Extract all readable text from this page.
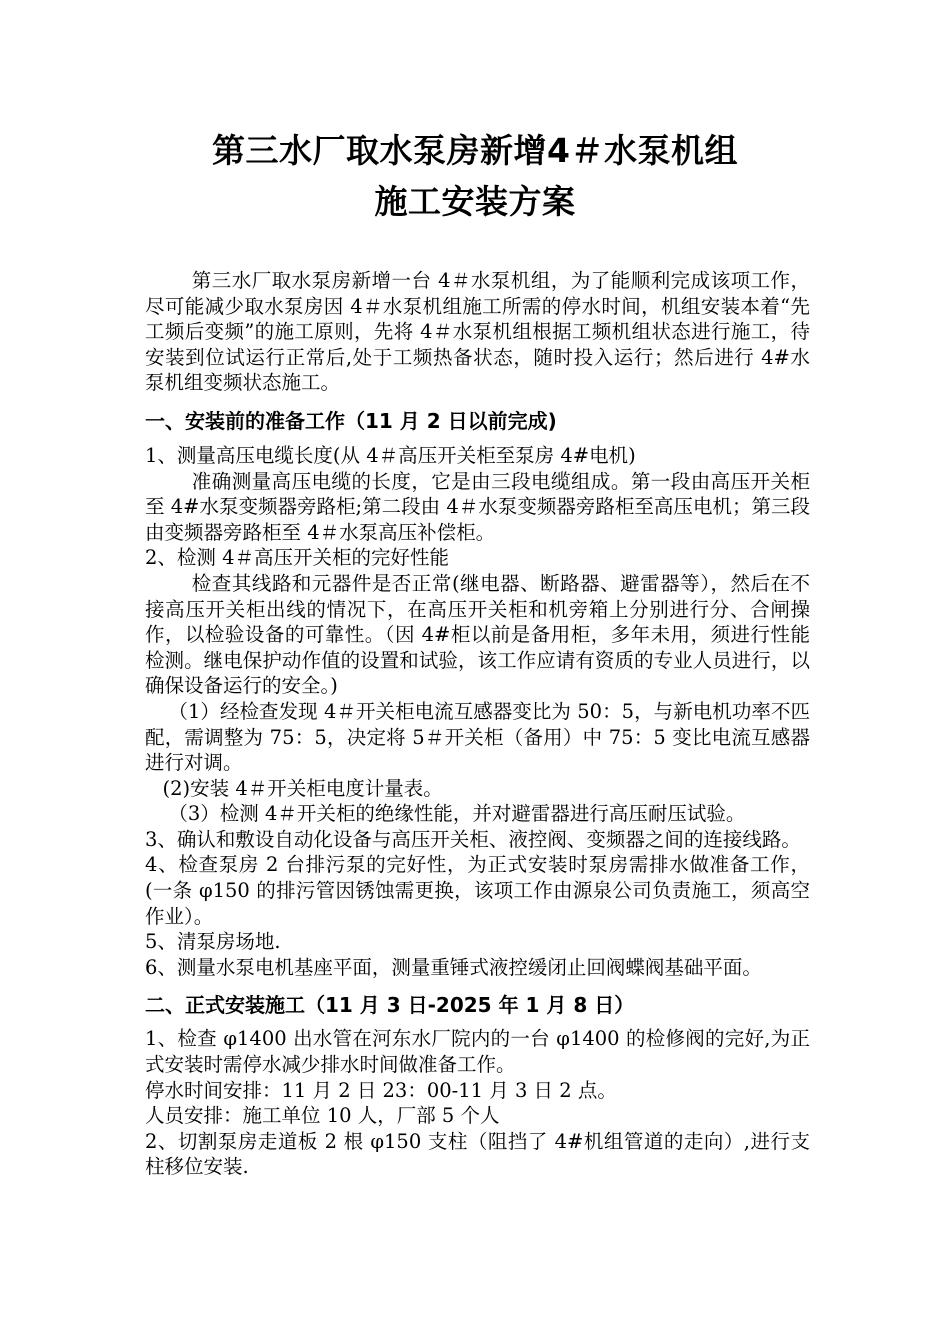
第三水厂取水泵房新增4＃水泵机组
施工安装方案

第三水厂取水泵房新增一台 4＃水泵机组，为了能顺利完成该项工作，尽可能减少取水泵房因 4＃水泵机组施工所需的停水时间，机组安装本着“先工频后变频”的施工原则，先将 4＃水泵机组根据工频机组状态进行施工，待安装到位试运行正常后,处于工频热备状态，随时投入运行；然后进行 4#水泵机组变频状态施工。

一、安装前的准备工作（11 月 2 日以前完成)

1、测量高压电缆长度(从 4＃高压开关柜至泵房 4#电机)

准确测量高压电缆的长度，它是由三段电缆组成。第一段由高压开关柜至 4#水泵变频器旁路柜;第二段由 4＃水泵变频器旁路柜至高压电机；第三段由变频器旁路柜至 4＃水泵高压补偿柜。

2、检测 4＃高压开关柜的完好性能

检查其线路和元器件是否正常(继电器、断路器、避雷器等），然后在不接高压开关柜出线的情况下，在高压开关柜和机旁箱上分别进行分、合闸操作，以检验设备的可靠性。（因 4#柜以前是备用柜，多年未用，须进行性能检测。继电保护动作值的设置和试验，该工作应请有资质的专业人员进行，以确保设备运行的安全。)

（1）经检查发现 4＃开关柜电流互感器变比为 50：5，与新电机功率不匹配，需调整为 75：5，决定将 5＃开关柜（备用）中 75：5 变比电流互感器进行对调。

(2)安装 4＃开关柜电度计量表。

（3）检测 4＃开关柜的绝缘性能，并对避雷器进行高压耐压试验。

3、确认和敷设自动化设备与高压开关柜、液控阀、变频器之间的连接线路。

4、检查泵房 2 台排污泵的完好性，为正式安装时泵房需排水做准备工作，(一条 φ150 的排污管因锈蚀需更换，该项工作由源泉公司负责施工，须高空作业）。

5、清泵房场地.

6、测量水泵电机基座平面，测量重锤式液控缓闭止回阀蝶阀基础平面。

二、正式安装施工（11 月 3 日-2025 年 1 月 8 日）

1、检查 φ1400 出水管在河东水厂院内的一台 φ1400 的检修阀的完好,为正式安装时需停水减少排水时间做准备工作。

停水时间安排：11 月 2 日 23：00-11 月 3 日 2 点。

人员安排：施工单位 10 人，厂部 5 个人

2、切割泵房走道板 2 根 φ150 支柱（阻挡了 4#机组管道的走向）,进行支柱移位安装.
